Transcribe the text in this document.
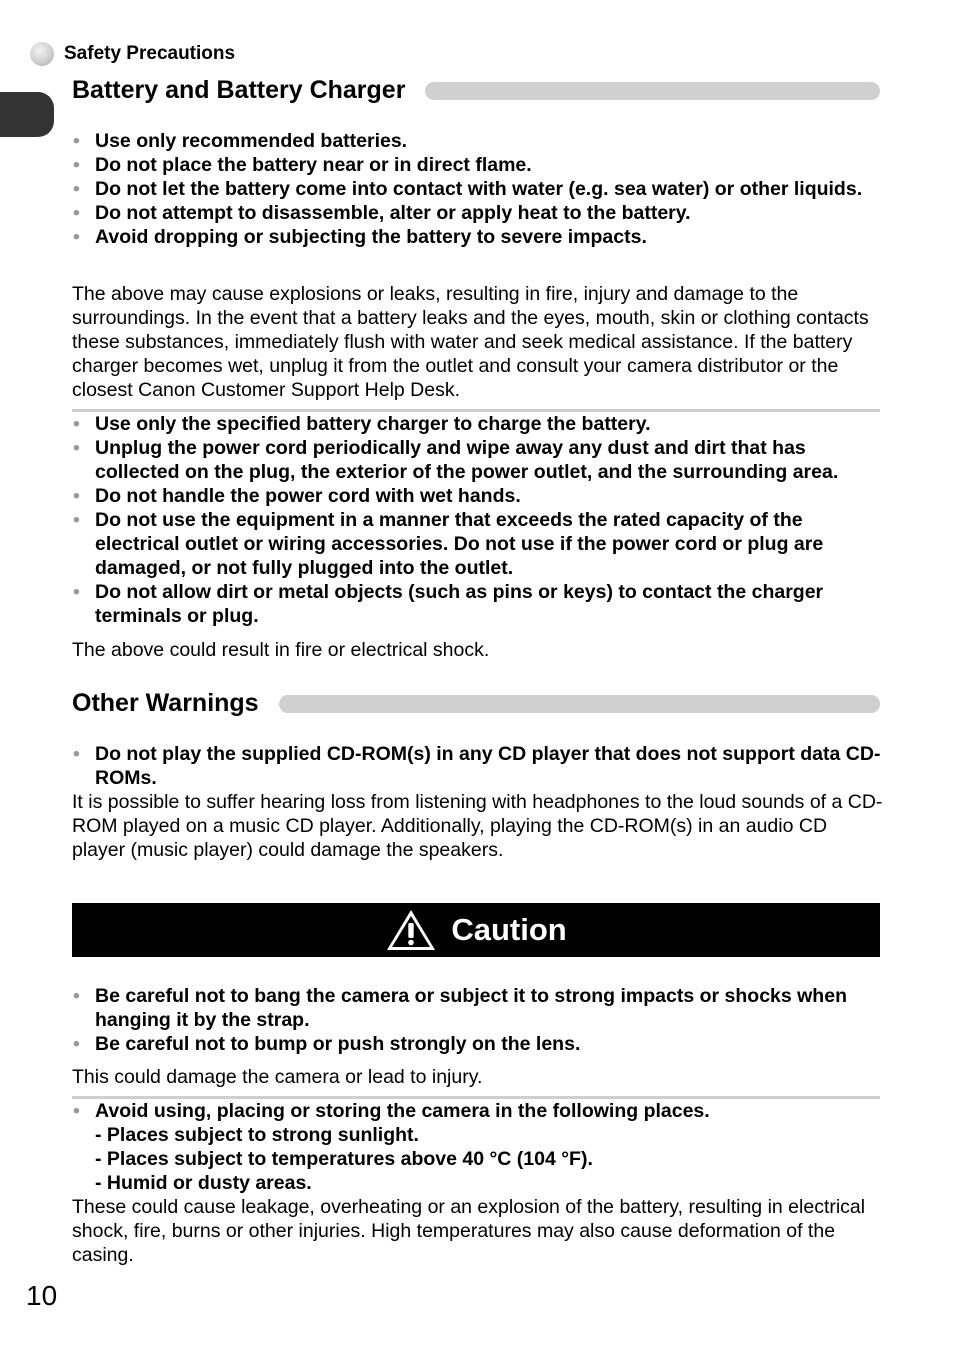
Safety Precautions
Battery and Battery Charger
• Use only recommended batteries.
• Do not place the battery near or in direct flame.
• Do not let the battery come into contact with water (e.g. sea water) or other liquids.
• Do not attempt to disassemble, alter or apply heat to the battery.
• Avoid dropping or subjecting the battery to severe impacts.

The above may cause explosions or leaks, resulting in fire, injury and damage to the surroundings. In the event that a battery leaks and the eyes, mouth, skin or clothing contacts these substances, immediately flush with water and seek medical assistance. If the battery charger becomes wet, unplug it from the outlet and consult your camera distributor or the closest Canon Customer Support Help Desk.

• Use only the specified battery charger to charge the battery.
• Unplug the power cord periodically and wipe away any dust and dirt that has collected on the plug, the exterior of the power outlet, and the surrounding area.
• Do not handle the power cord with wet hands.
• Do not use the equipment in a manner that exceeds the rated capacity of the electrical outlet or wiring accessories. Do not use if the power cord or plug are damaged, or not fully plugged into the outlet.
• Do not allow dirt or metal objects (such as pins or keys) to contact the charger terminals or plug.

The above could result in fire or electrical shock.

Other Warnings
• Do not play the supplied CD-ROM(s) in any CD player that does not support data CD-ROMs.

It is possible to suffer hearing loss from listening with headphones to the loud sounds of a CD-ROM played on a music CD player. Additionally, playing the CD-ROM(s) in an audio CD player (music player) could damage the speakers.

Caution
• Be careful not to bang the camera or subject it to strong impacts or shocks when hanging it by the strap.
• Be careful not to bump or push strongly on the lens.

This could damage the camera or lead to injury.

• Avoid using, placing or storing the camera in the following places.
- Places subject to strong sunlight.
- Places subject to temperatures above 40 °C (104 °F).
- Humid or dusty areas.

These could cause leakage, overheating or an explosion of the battery, resulting in electrical shock, fire, burns or other injuries. High temperatures may also cause deformation of the casing.

10
